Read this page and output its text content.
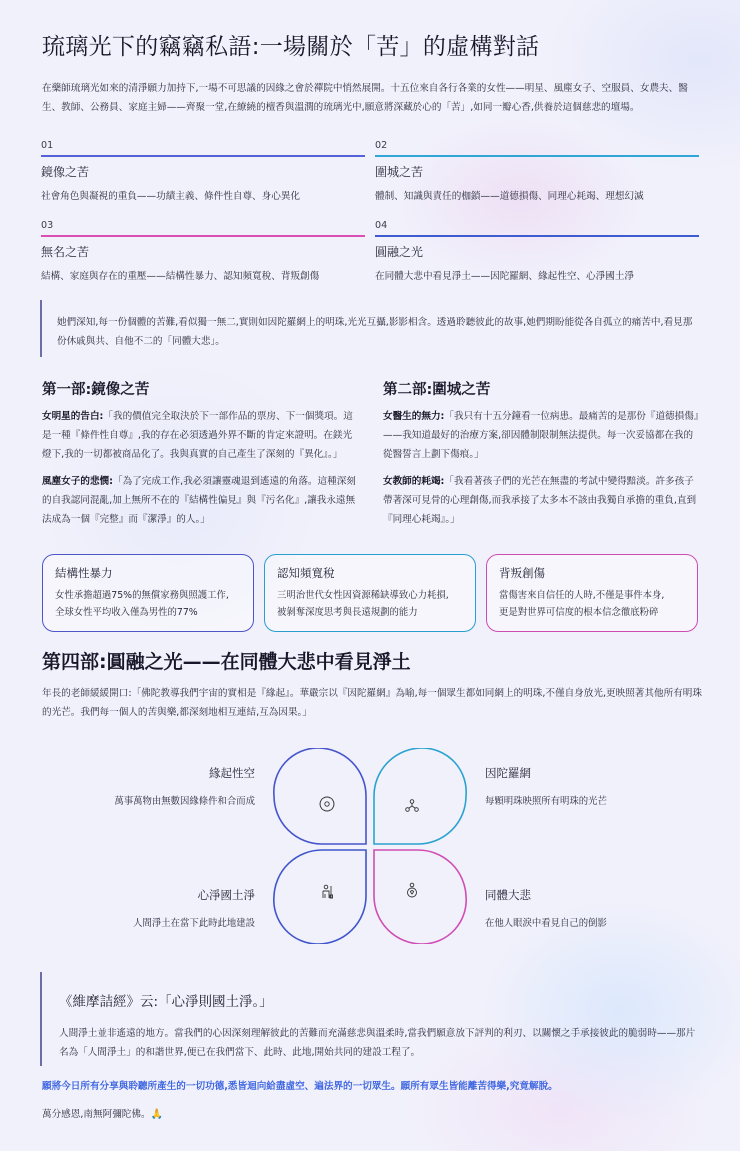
琉璃光下的竊竊私語:一場關於「苦」的虛構對話

在藥師琉璃光如來的清淨願力加持下,一場不可思議的因緣之會於禪院中悄然展開。十五位來自各行各業的女性——明星、風塵女子、空服員、女農夫、醫生、教師、公務員、家庭主婦——齊聚一堂,在繚繞的檀香與溫潤的琉璃光中,願意將深藏於心的「苦」,如同一瓣心香,供養於這個慈悲的壇場。

01
鏡像之苦
社會角色與凝視的重負——功績主義、條件性自尊、身心異化
02
圍城之苦
體制、知識與責任的枷鎖——道德損傷、同理心耗竭、理想幻滅
03
無名之苦
結構、家庭與存在的重壓——結構性暴力、認知頻寬稅、背叛創傷
04
圓融之光
在同體大悲中看見淨土——因陀羅網、緣起性空、心淨國土淨

她們深知,每一份個體的苦難,看似獨一無二,實則如因陀羅網上的明珠,光光互攝,影影相含。透過聆聽彼此的故事,她們期盼能從各自孤立的痛苦中,看見那份休戚與共、自他不二的「同體大悲」。

第一部:鏡像之苦

女明星的告白:「我的價值完全取決於下一部作品的票房、下一個獎項。這是一種『條件性自尊』,我的存在必須透過外界不斷的肯定來證明。在鎂光燈下,我的一切都被商品化了。我與真實的自己產生了深刻的『異化』。」

風塵女子的悲憫:「為了完成工作,我必須讓靈魂退到遙遠的角落。這種深刻的自我認同混亂,加上無所不在的『結構性偏見』與『污名化』,讓我永遠無法成為一個『完整』而『潔淨』的人。」

第二部:圍城之苦

女醫生的無力:「我只有十五分鐘看一位病患。最痛苦的是那份『道德損傷』——我知道最好的治療方案,卻因體制限制無法提供。每一次妥協都在我的從醫誓言上劃下傷痕。」

女教師的耗竭:「我看著孩子們的光芒在無盡的考試中變得黯淡。許多孩子帶著深可見骨的心理創傷,而我承接了太多本不該由我獨自承擔的重負,直到『同理心耗竭』。」

結構性暴力
女性承擔超過75%的無償家務與照護工作,
全球女性平均收入僅為男性的77%
認知頻寬稅
三明治世代女性因資源稀缺導致心力耗損,
被剝奪深度思考與長遠規劃的能力
背叛創傷
當傷害來自信任的人時,不僅是事件本身,
更是對世界可信度的根本信念徹底粉碎
第四部:圓融之光——在同體大悲中看見淨土

年長的老師緩緩開口:「佛陀教導我們宇宙的實相是『緣起』。華嚴宗以『因陀羅網』為喻,每一個眾生都如同網上的明珠,不僅自身放光,更映照著其他所有明珠的光芒。我們每一個人的苦與樂,都深刻地相互連結,互為因果。」

緣起性空
萬事萬物由無數因緣條件和合而成
因陀羅網
每顆明珠映照所有明珠的光芒
心淨國土淨
人間淨土在當下此時此地建設
同體大悲
在他人眼淚中看見自己的倒影
《維摩詰經》云:「心淨則國土淨。」

人間淨土並非遙遠的地方。當我們的心因深刻理解彼此的苦難而充滿慈悲與溫柔時,當我們願意放下評判的利刃、以關懷之手承接彼此的脆弱時——那片名為「人間淨土」的和諧世界,便已在我們當下、此時、此地,開始共同的建設工程了。

願將今日所有分享與聆聽所產生的一切功德,悉皆迴向給盡虛空、遍法界的一切眾生。願所有眾生皆能離苦得樂,究竟解脫。

萬分感恩,南無阿彌陀佛。🙏
